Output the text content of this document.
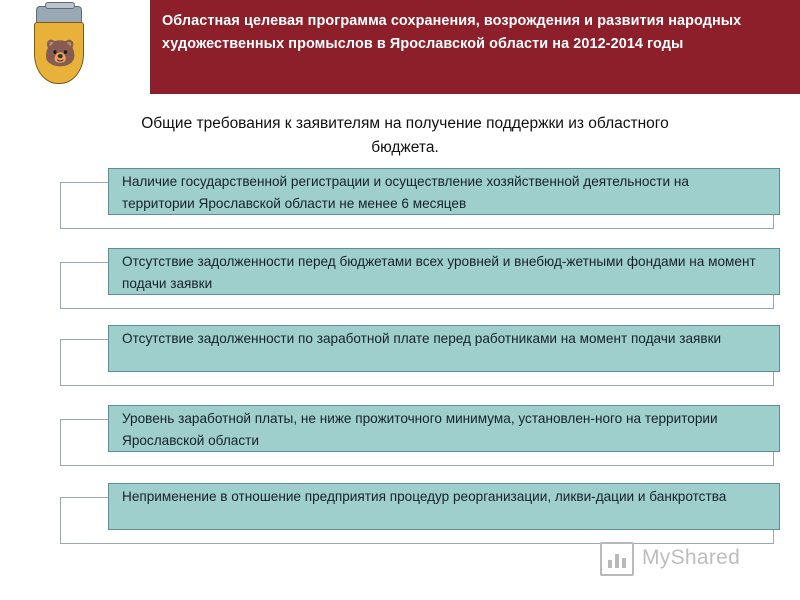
Областная целевая программа сохранения, возрождения и развития народных художественных промыслов в Ярославской области на 2012-2014 годы
🐻
Общие требования к заявителям на получение поддержки из областного бюджета.
Наличие государственной регистрации и осуществление хозяйственной деятельности на территории Ярославской области не менее 6 месяцев
Отсутствие задолженности перед бюджетами всех уровней и внебюд-жетными фондами на момент подачи заявки
Отсутствие задолженности по заработной плате перед работниками на момент подачи заявки
Уровень заработной платы, не ниже прожиточного минимума, установлен-ного на территории Ярославской области
Неприменение в отношение предприятия процедур реорганизации, ликви-дации и банкротства
MyShared
